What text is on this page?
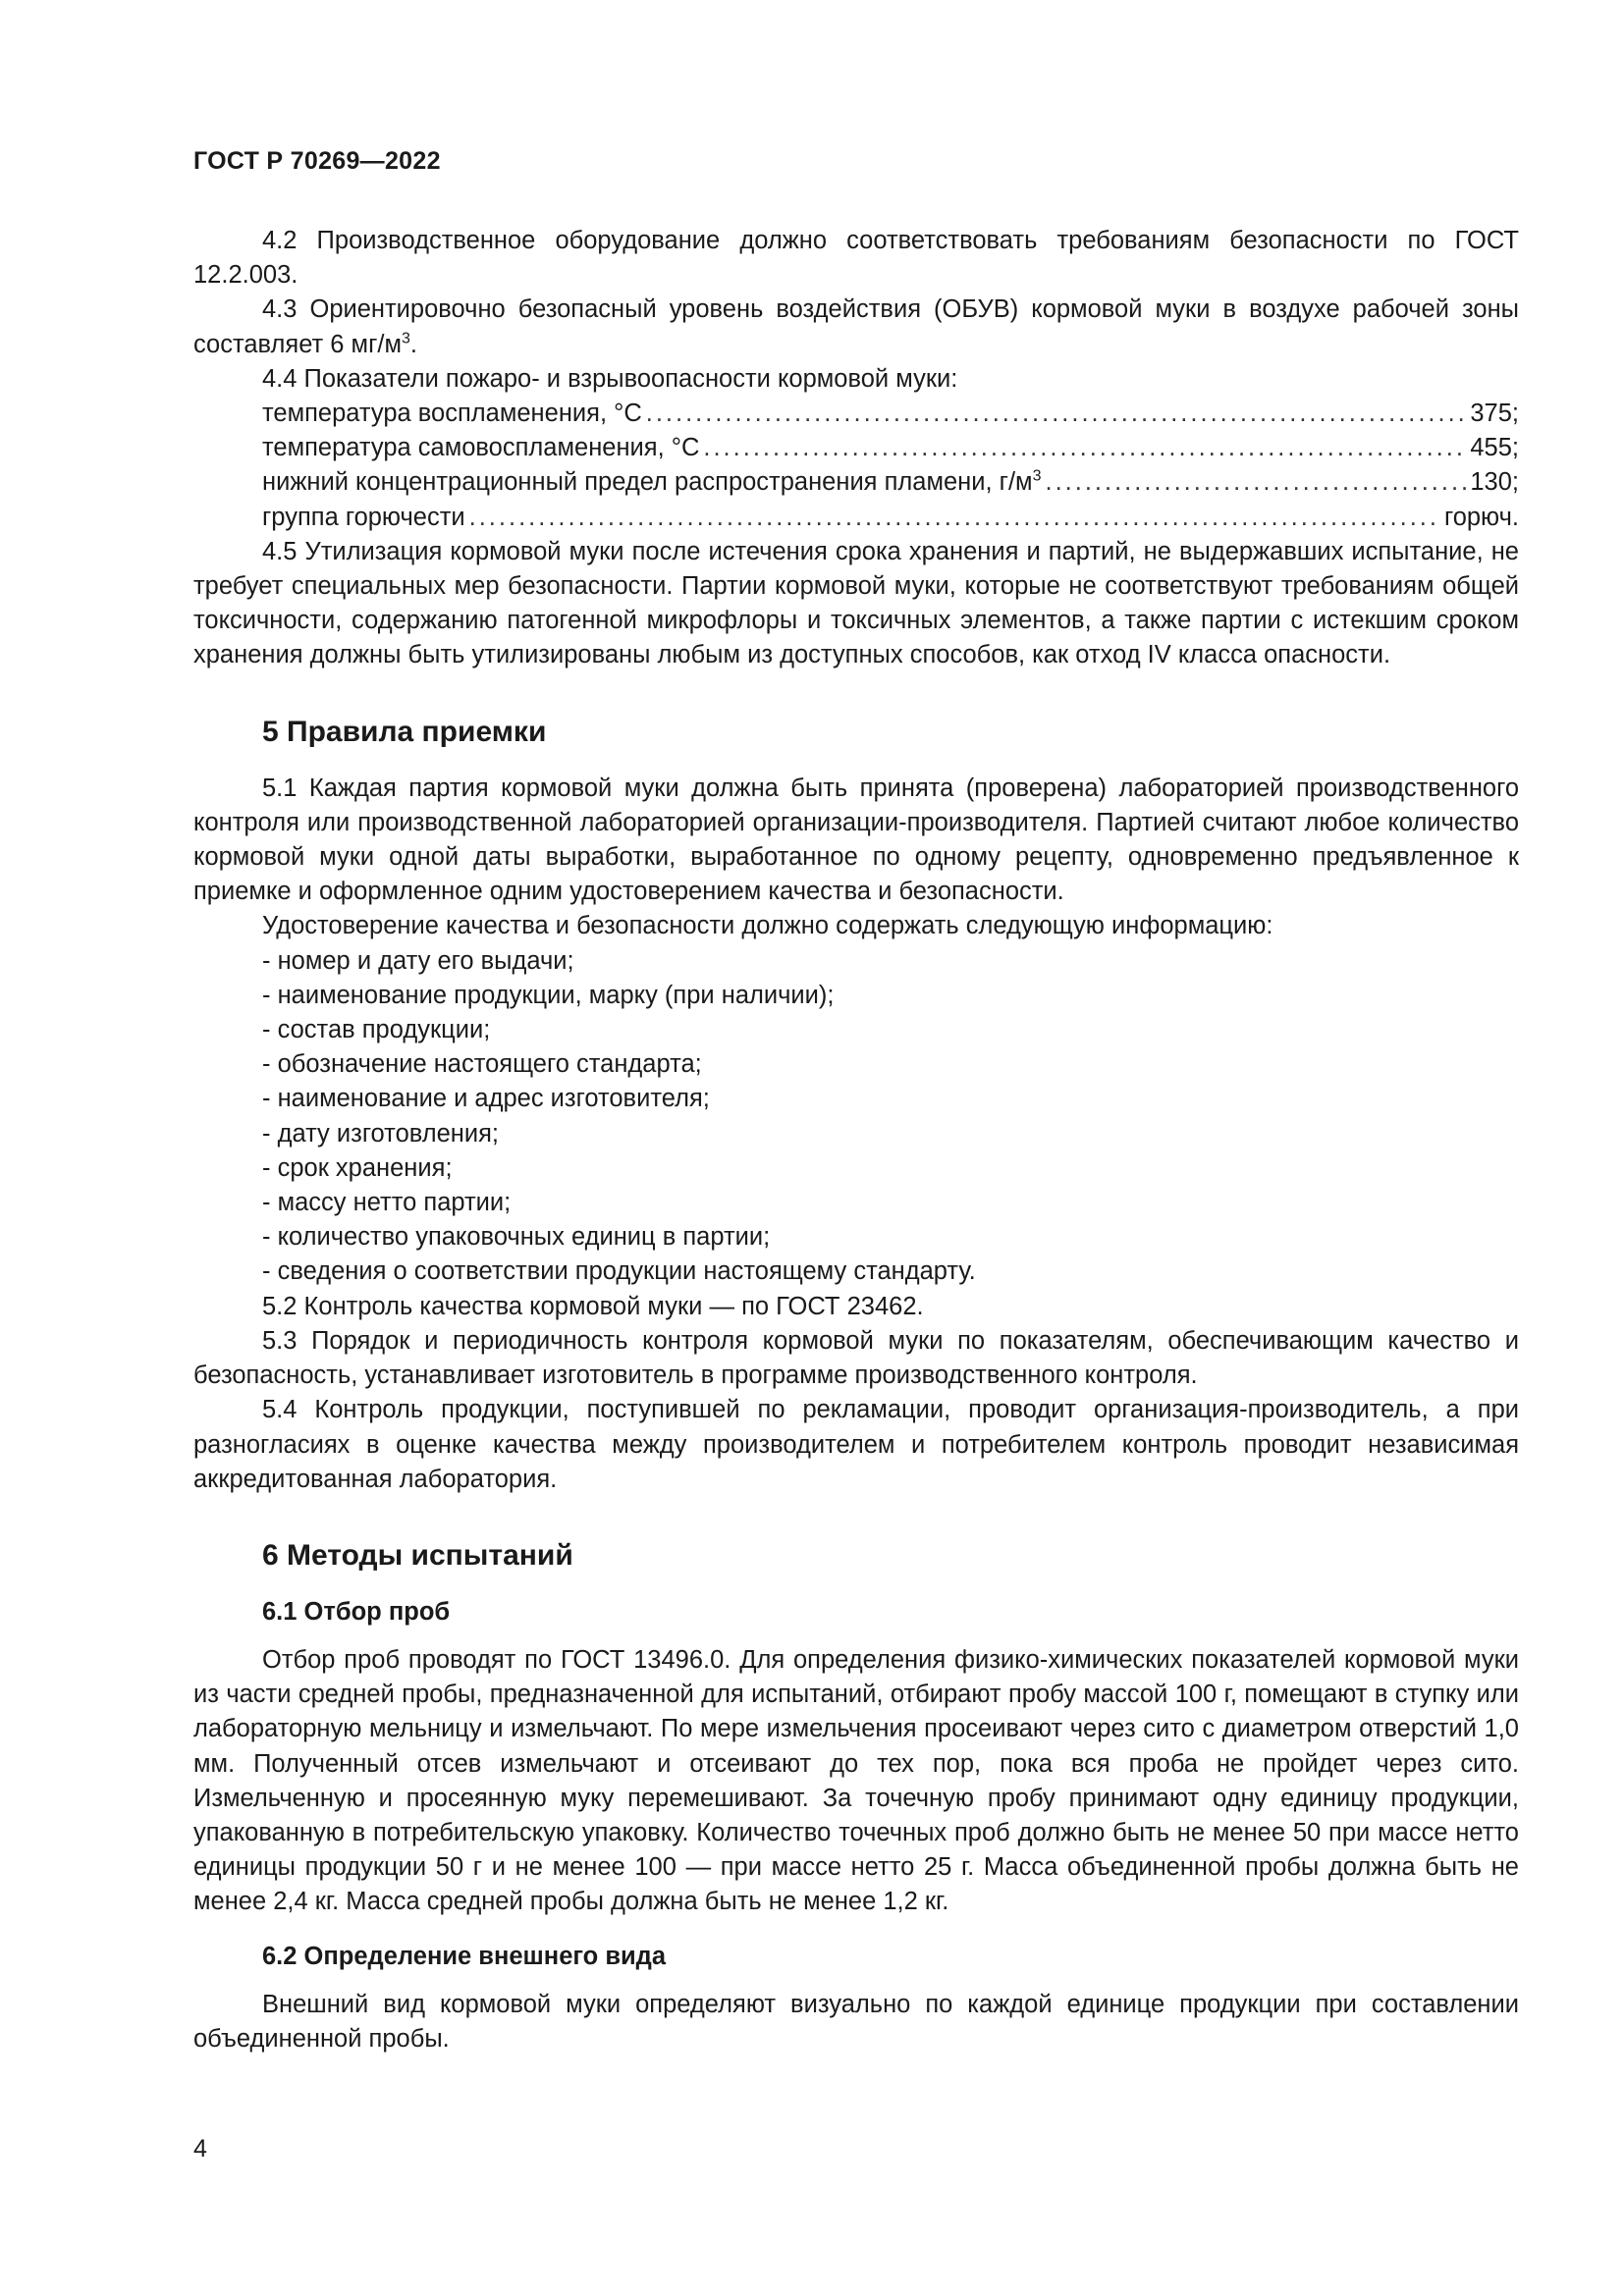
ГОСТ Р 70269—2022

4.2 Производственное оборудование должно соответствовать требованиям безопасности по ГОСТ 12.2.003.

4.3 Ориентировочно безопасный уровень воздействия (ОБУВ) кормовой муки в воздухе рабочей зоны составляет 6 $мг/м^3$.

4.4 Показатели пожаро- и взрывоопасности кормовой муки:

температура воспламенения, °С .....	375;
температура самовоспламенения, °С .....	455;
нижний концентрационный предел распространения пламени, $г/м^3$ .....	130;
группа горючести .....	горюч.

4.5 Утилизация кормовой муки после истечения срока хранения и партий, не выдержавших испытание, не требует специальных мер безопасности. Партии кормовой муки, которые не соответствуют требованиям общей токсичности, содержанию патогенной микрофлоры и токсичных элементов, а также партии с истекшим сроком хранения должны быть утилизированы любым из доступных способов, как отход IV класса опасности.

5 Правила приемки

5.1 Каждая партия кормовой муки должна быть принята (проверена) лабораторией производственного контроля или производственной лабораторией организации-производителя. Партией считают любое количество кормовой муки одной даты выработки, выработанное по одному рецепту, одновременно предъявленное к приемке и оформленное одним удостоверением качества и безопасности.

Удостоверение качества и безопасности должно содержать следующую информацию:

- номер и дату его выдачи;

- наименование продукции, марку (при наличии);

- состав продукции;

- обозначение настоящего стандарта;

- наименование и адрес изготовителя;

- дату изготовления;

- срок хранения;

- массу нетто партии;

- количество упаковочных единиц в партии;

- сведения о соответствии продукции настоящему стандарту.

5.2 Контроль качества кормовой муки — по ГОСТ 23462.

5.3 Порядок и периодичность контроля кормовой муки по показателям, обеспечивающим качество и безопасность, устанавливает изготовитель в программе производственного контроля.

5.4 Контроль продукции, поступившей по рекламации, проводит организация-производитель, а при разногласиях в оценке качества между производителем и потребителем контроль проводит независимая аккредитованная лаборатория.

6 Методы испытаний
6.1 Отбор проб

Отбор проб проводят по ГОСТ 13496.0. Для определения физико-химических показателей кормовой муки из части средней пробы, предназначенной для испытаний, отбирают пробу массой 100 г, помещают в ступку или лабораторную мельницу и измельчают. По мере измельчения просеивают через сито с диаметром отверстий 1,0 мм. Полученный отсев измельчают и отсеивают до тех пор, пока вся проба не пройдет через сито. Измельченную и просеянную муку перемешивают. За точечную пробу принимают одну единицу продукции, упакованную в потребительскую упаковку. Количество точечных проб должно быть не менее 50 при массе нетто единицы продукции 50 г и не менее 100 — при массе нетто 25 г. Масса объединенной пробы должна быть не менее 2,4 кг. Масса средней пробы должна быть не менее 1,2 кг.

6.2 Определение внешнего вида

Внешний вид кормовой муки определяют визуально по каждой единице продукции при составлении объединенной пробы.

4
